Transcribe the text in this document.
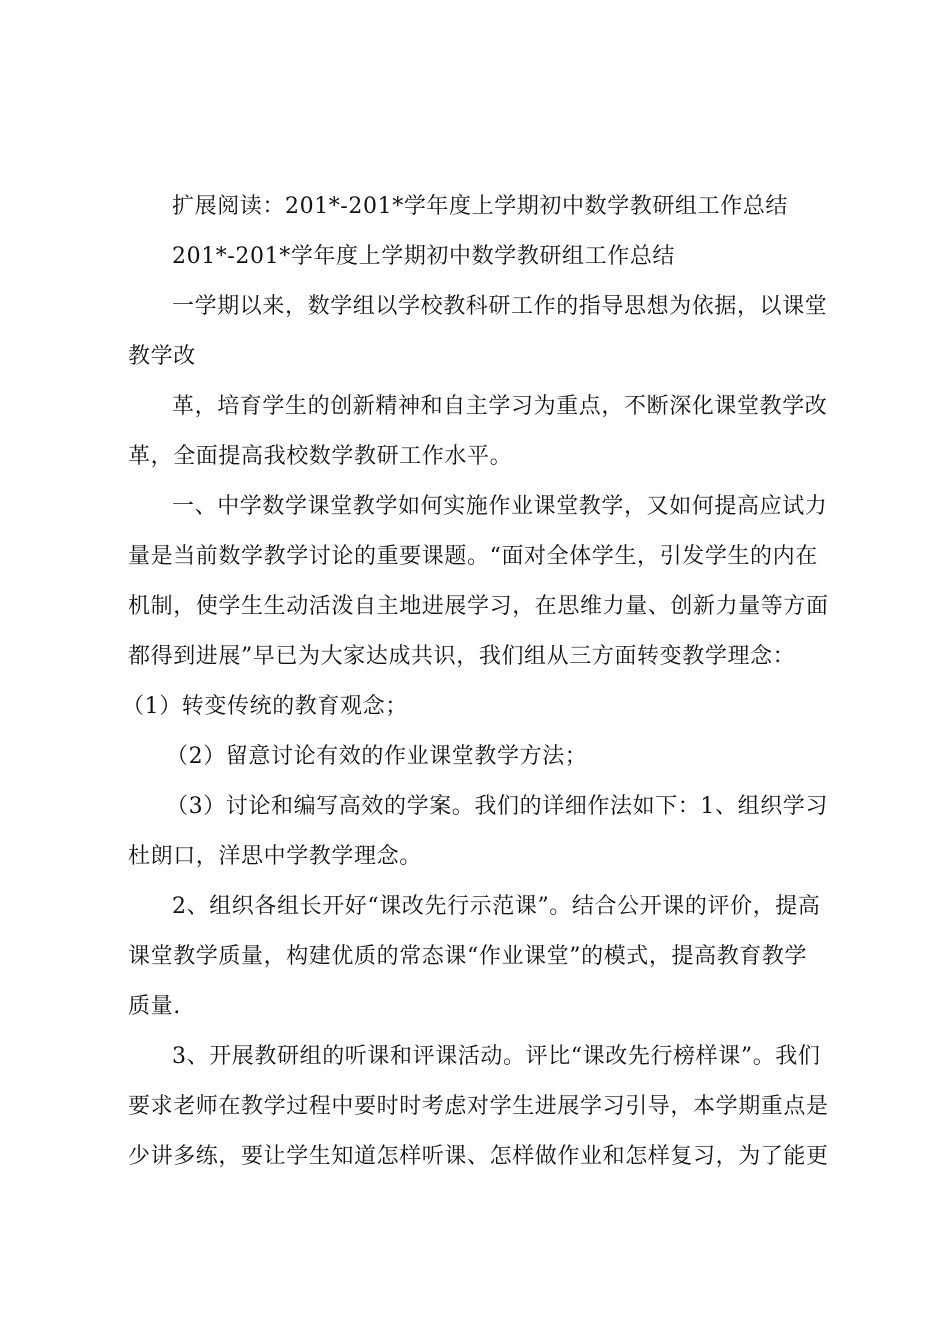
扩展阅读：201*-201*学年度上学期初中数学教研组工作总结
201*-201*学年度上学期初中数学教研组工作总结
一学期以来，数学组以学校教科研工作的指导思想为依据，以课堂
教学改
革，培育学生的创新精神和自主学习为重点，不断深化课堂教学改
革，全面提高我校数学教研工作水平。
一、中学数学课堂教学如何实施作业课堂教学，又如何提高应试力
量是当前数学教学讨论的重要课题。“面对全体学生，引发学生的内在
机制，使学生生动活泼自主地进展学习，在思维力量、创新力量等方面
都得到进展”早已为大家达成共识，我们组从三方面转变教学理念：
（1）转变传统的教育观念；
（2）留意讨论有效的作业课堂教学方法；
（3）讨论和编写高效的学案。我们的详细作法如下：1、组织学习
杜朗口，洋思中学教学理念。
2、组织各组长开好“课改先行示范课”。结合公开课的评价，提高
课堂教学质量，构建优质的常态课“作业课堂”的模式，提高教育教学
质量.
3、开展教研组的听课和评课活动。评比“课改先行榜样课”。我们
要求老师在教学过程中要时时考虑对学生进展学习引导，本学期重点是
少讲多练，要让学生知道怎样听课、怎样做作业和怎样复习，为了能更
